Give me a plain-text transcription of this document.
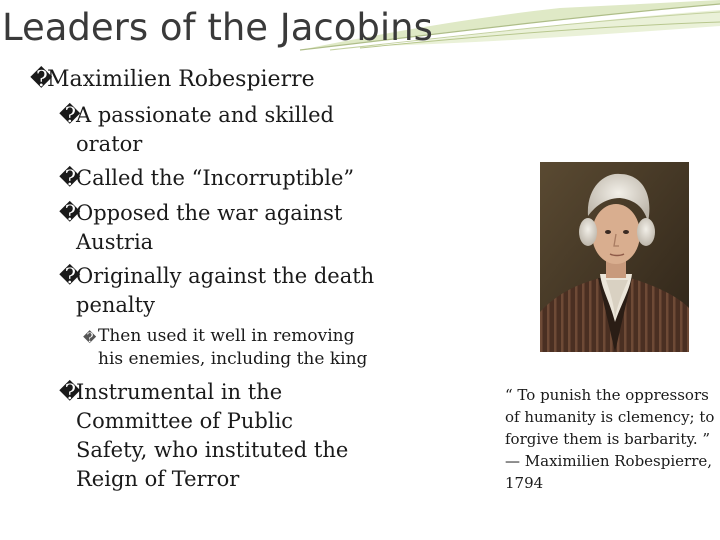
Leaders of the Jacobins
�
Maximilien Robespierre
�
A passionate and skilled orator
�
Called the “Incorruptible”
�
Opposed the war against Austria
�
Originally against the death penalty
� Then used it well in removing his enemies, including the king
�
Instrumental in the Committee of Public Safety, who instituted the Reign of Terror

“ To punish the oppressors of humanity is clemency; to forgive them is barbarity. ” — Maximilien Robespierre, 1794
